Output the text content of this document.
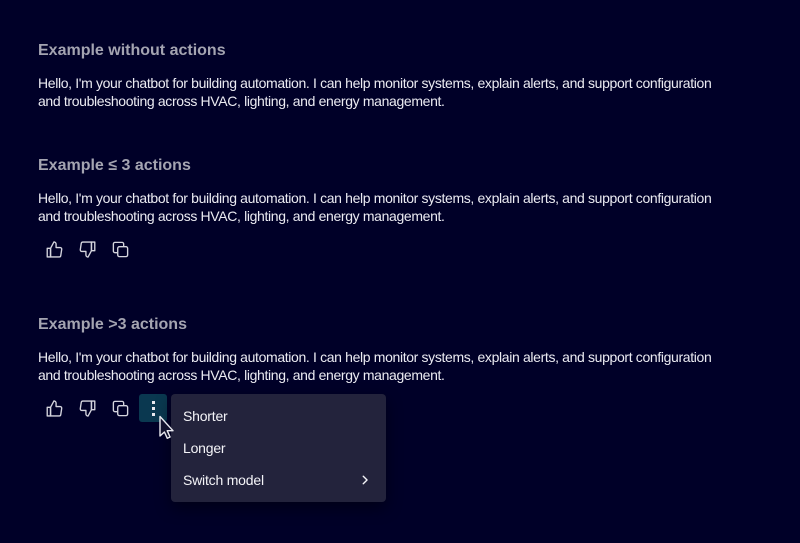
Example without actions

Hello, I'm your chatbot for building automation. I can help monitor systems, explain alerts, and support configuration
and troubleshooting across HVAC, lighting, and energy management.

Example ≤ 3 actions

Hello, I'm your chatbot for building automation. I can help monitor systems, explain alerts, and support configuration
and troubleshooting across HVAC, lighting, and energy management.

Example >3 actions

Hello, I'm your chatbot for building automation. I can help monitor systems, explain alerts, and support configuration
and troubleshooting across HVAC, lighting, and energy management.

Shorter
Longer
Switch model
